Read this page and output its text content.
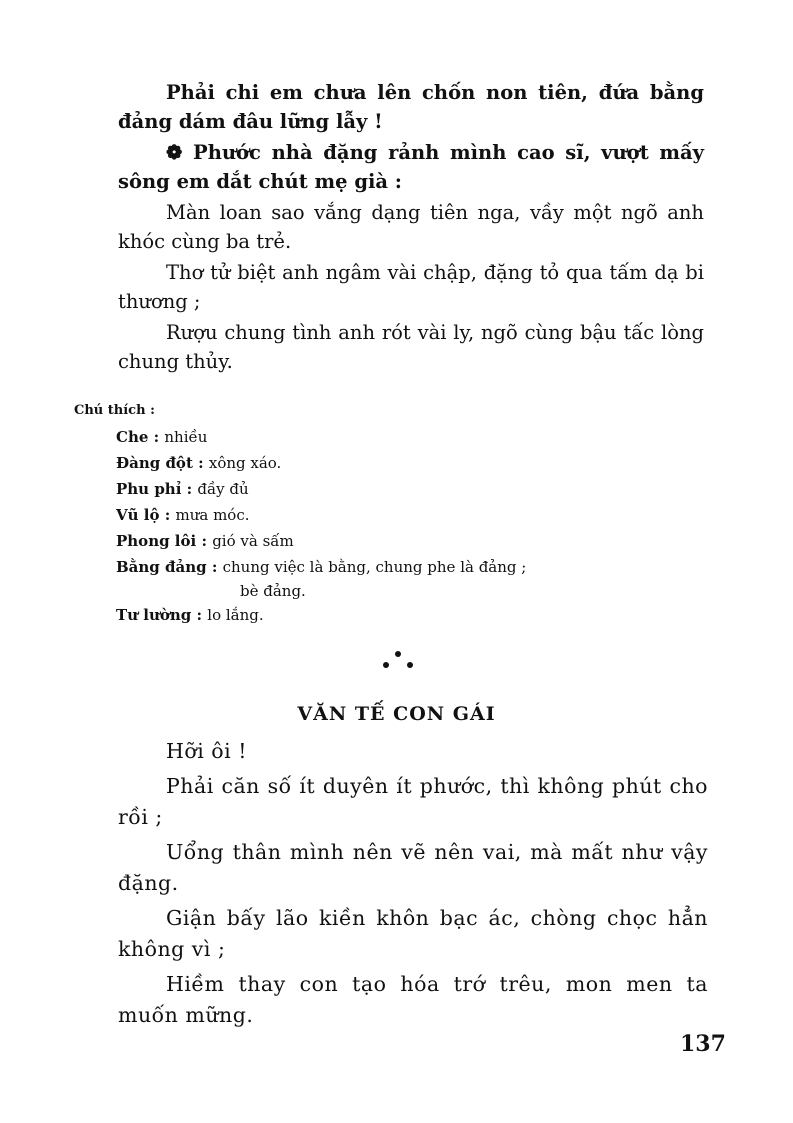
Phải chi em chưa lên chốn non tiên, đứa bằng đảng dám đâu lững lẫy !

❁ Phước nhà đặng rảnh mình cao sĩ, vượt mấy sông em dắt chút mẹ già :

Màn loan sao vắng dạng tiên nga, vầy một ngõ anh khóc cùng ba trẻ.

Thơ tử biệt anh ngâm vài chập, đặng tỏ qua tấm dạ bi thương ;

Rượu chung tình anh rót vài ly, ngõ cùng bậu tấc lòng chung thủy.

Chú thích :
Che : nhiều
Đàng đột : xông xáo.
Phu phỉ : đầy đủ
Vũ lộ : mưa móc.
Phong lôi : gió và sấm
Bằng đảng : chung việc là bằng, chung phe là đảng ;
bè đảng.
Tư lường : lo lắng.
VĂN TẾ CON GÁI

Hỡi ôi !

Phải căn số ít duyên ít phước, thì không phút cho rồi ;

Uổng thân mình nên vẽ nên vai, mà mất như vậy đặng.

Giận bấy lão kiền khôn bạc ác, chòng chọc hẳn không vì ;

Hiềm thay con tạo hóa trớ trêu, mon men ta muốn mững.

137
